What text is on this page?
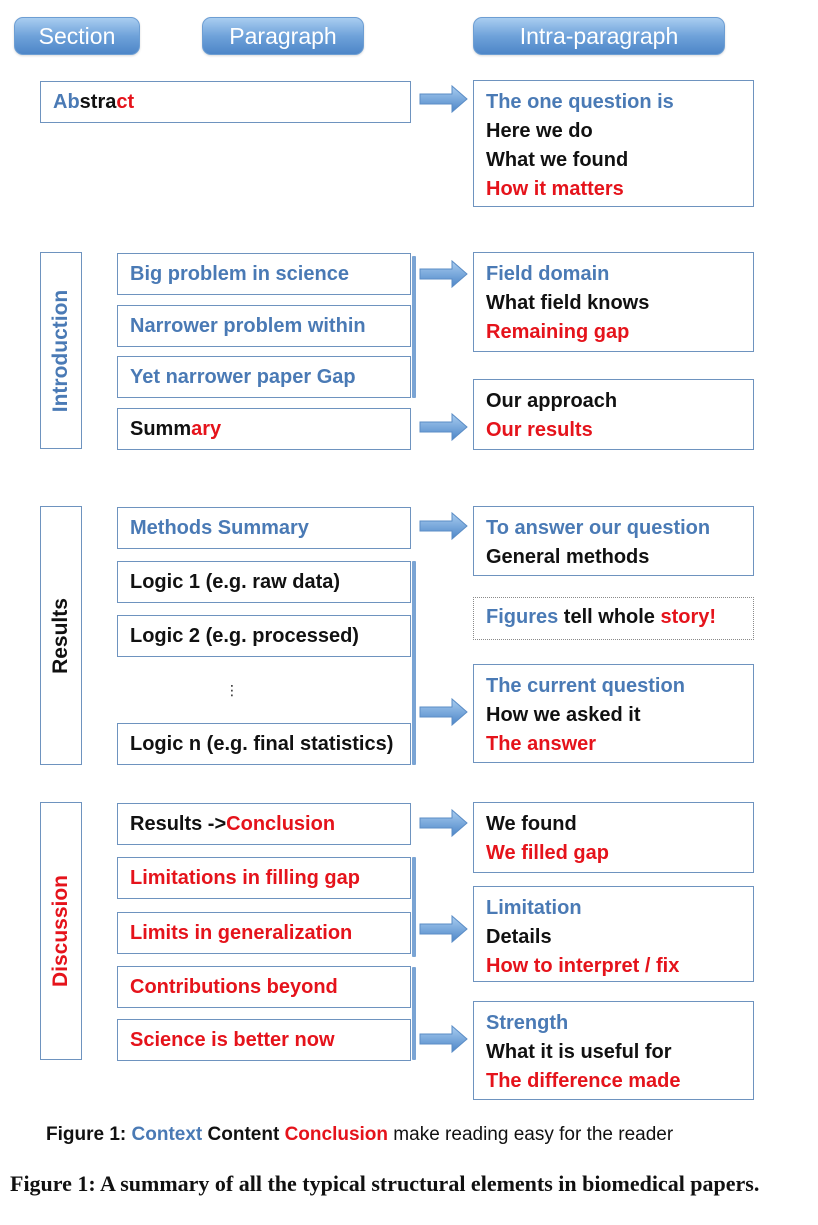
Section	Paragraph	Intra-paragraph
Ab stra ct	The one question is
Here we do
What we found
How it matters
Introduction
Big problem in science
Narrower problem within
Yet narrower paper Gap
Summ ary
Field domain
What field knows
Remaining gap
Our approach
Our results
Results
Methods Summary
Logic 1 (e.g. raw data)
Logic 2 (e.g. processed)
⋮
Logic n (e.g. final statistics)
To answer our question
General methods
Figures tell whole story!
The current question
How we asked it
The answer
Discussion
Results -> Conclusion
Limitations in filling gap
Limits in generalization
Contributions beyond
Science is better now
We found
We filled gap
Limitation
Details
How to interpret / fix
Strength
What it is useful for
The difference made
Figure 1: Context Content Conclusion make reading easy for the reader
Figure 1: A summary of all the typical structural elements in biomedical papers.
